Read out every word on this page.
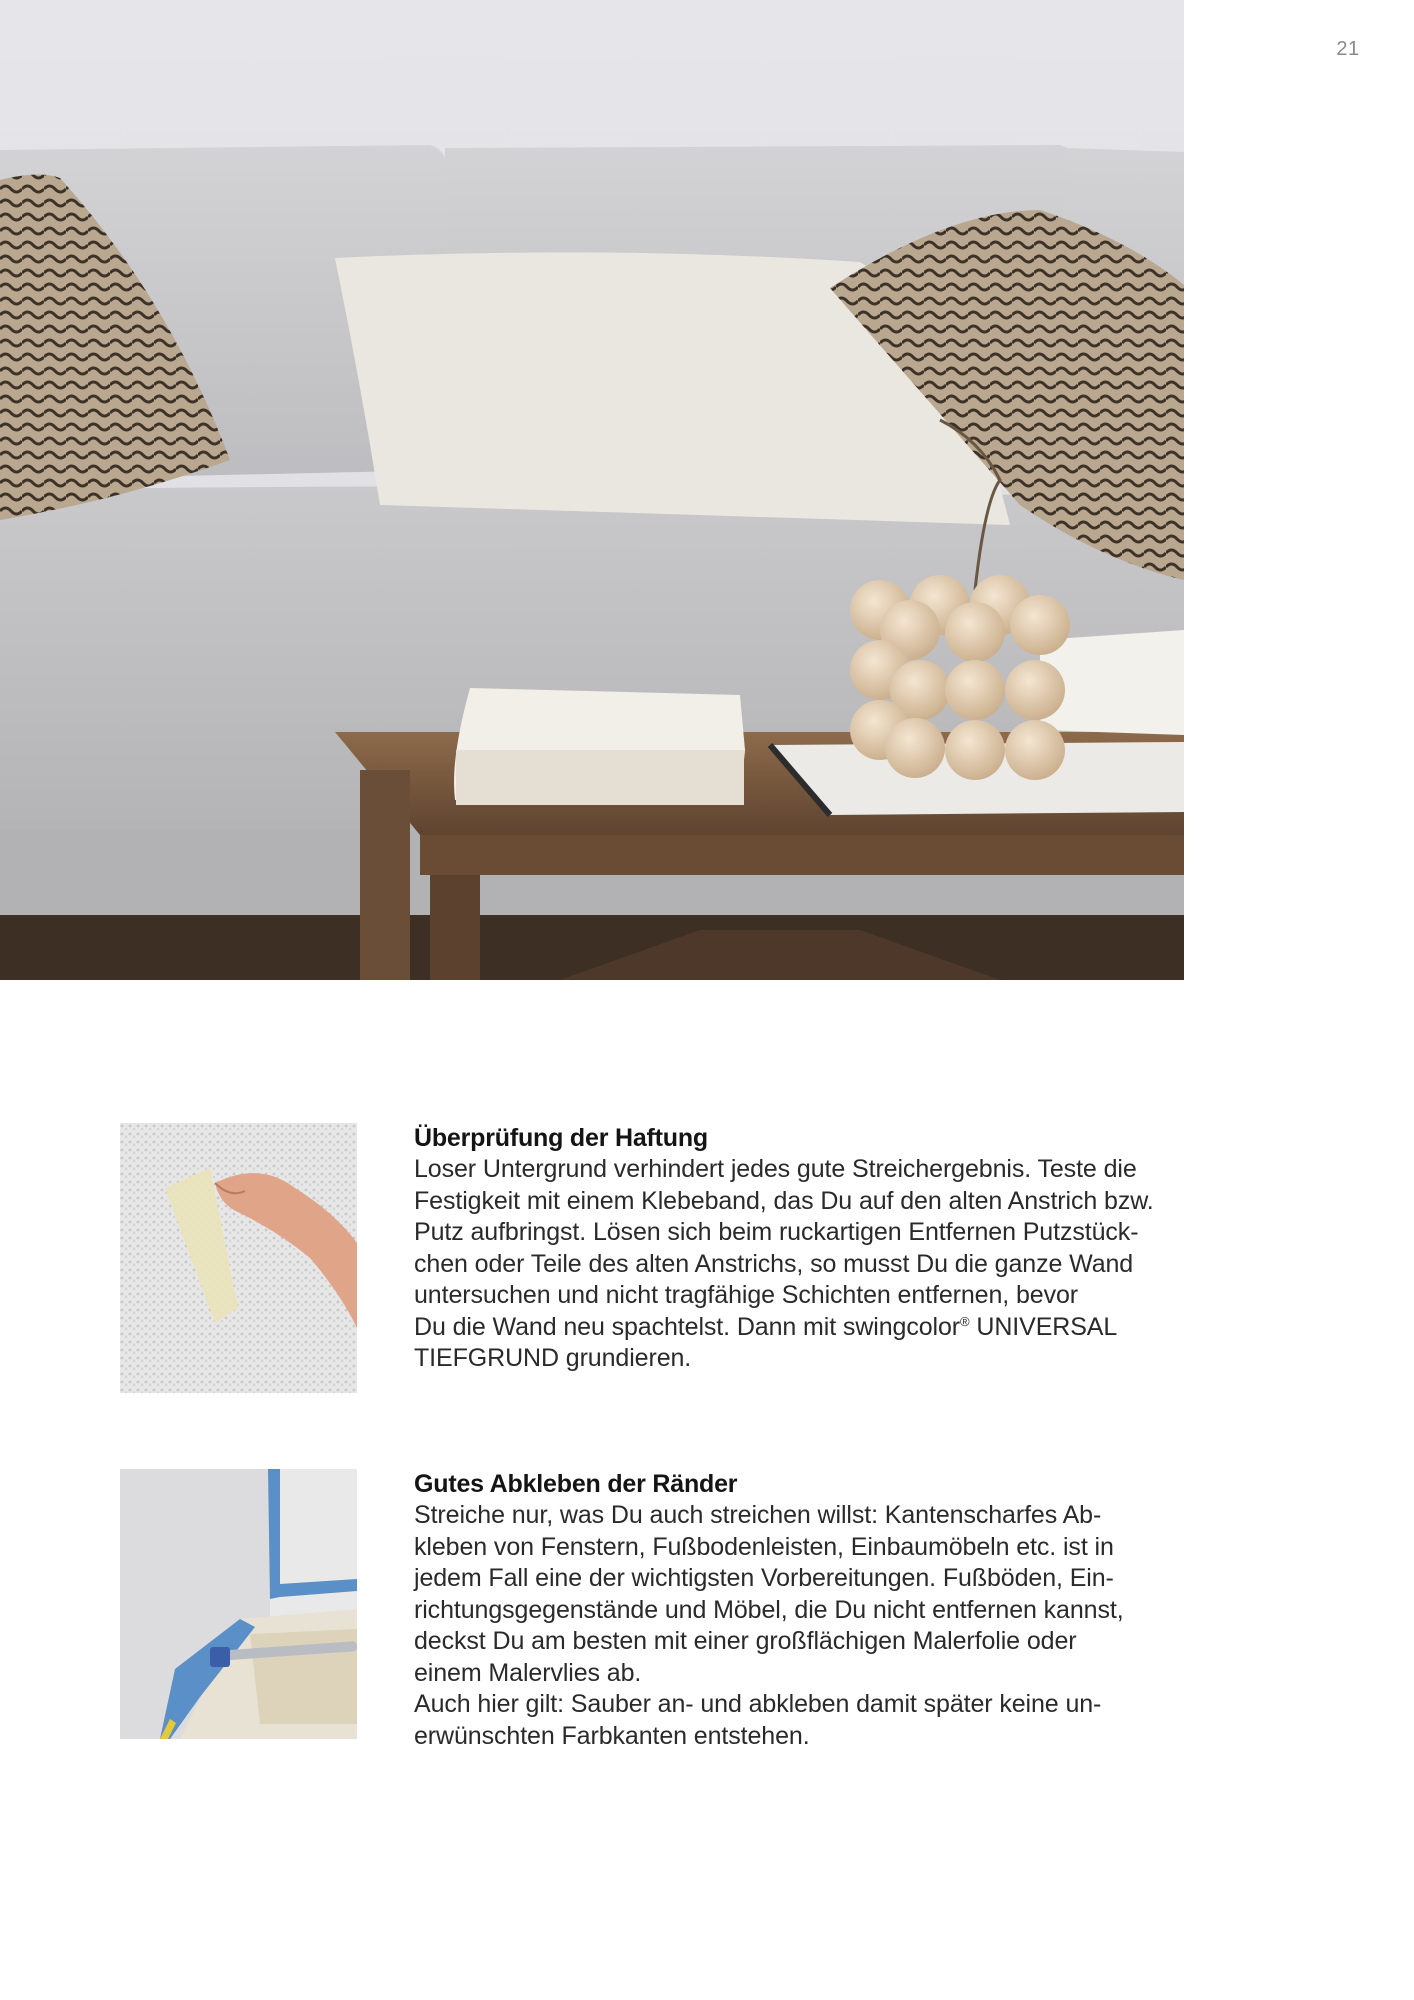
21

Überprüfung der Haftung

Loser Untergrund verhindert jedes gute Streichergebnis. Teste die

Festigkeit mit einem Klebeband, das Du auf den alten Anstrich bzw.

Putz aufbringst. Lösen sich beim ruckartigen Entfernen Putzstück-

chen oder Teile des alten Anstrichs, so musst Du die ganze Wand

untersuchen und nicht tragfähige Schichten entfernen, bevor

Du die Wand neu spachtelst. Dann mit swingcolor® UNIVERSAL

TIEFGRUND grundieren.

Gutes Abkleben der Ränder

Streiche nur, was Du auch streichen willst: Kantenscharfes Ab-

kleben von Fenstern, Fußbodenleisten, Einbaumöbeln etc. ist in

jedem Fall eine der wichtigsten Vorbereitungen. Fußböden, Ein-

richtungsgegenstände und Möbel, die Du nicht entfernen kannst,

deckst Du am besten mit einer großflächigen Malerfolie oder

einem Malervlies ab.

Auch hier gilt: Sauber an- und abkleben damit später keine un-

erwünschten Farbkanten entstehen.
